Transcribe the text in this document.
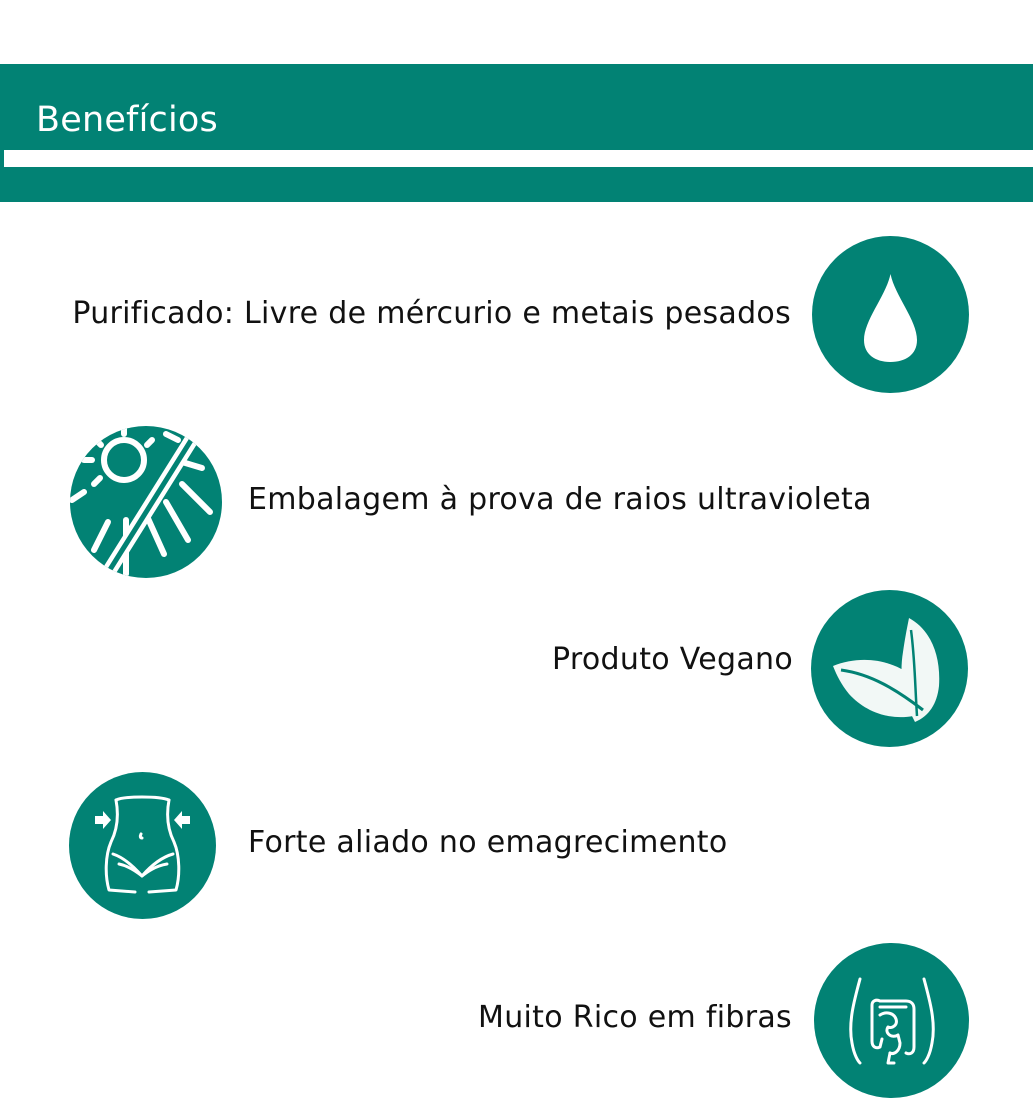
Benefícios
Purificado: Livre de mércurio e metais pesados
Embalagem à prova de raios ultravioleta
Produto Vegano
Forte aliado no emagrecimento
Muito Rico em fibras
